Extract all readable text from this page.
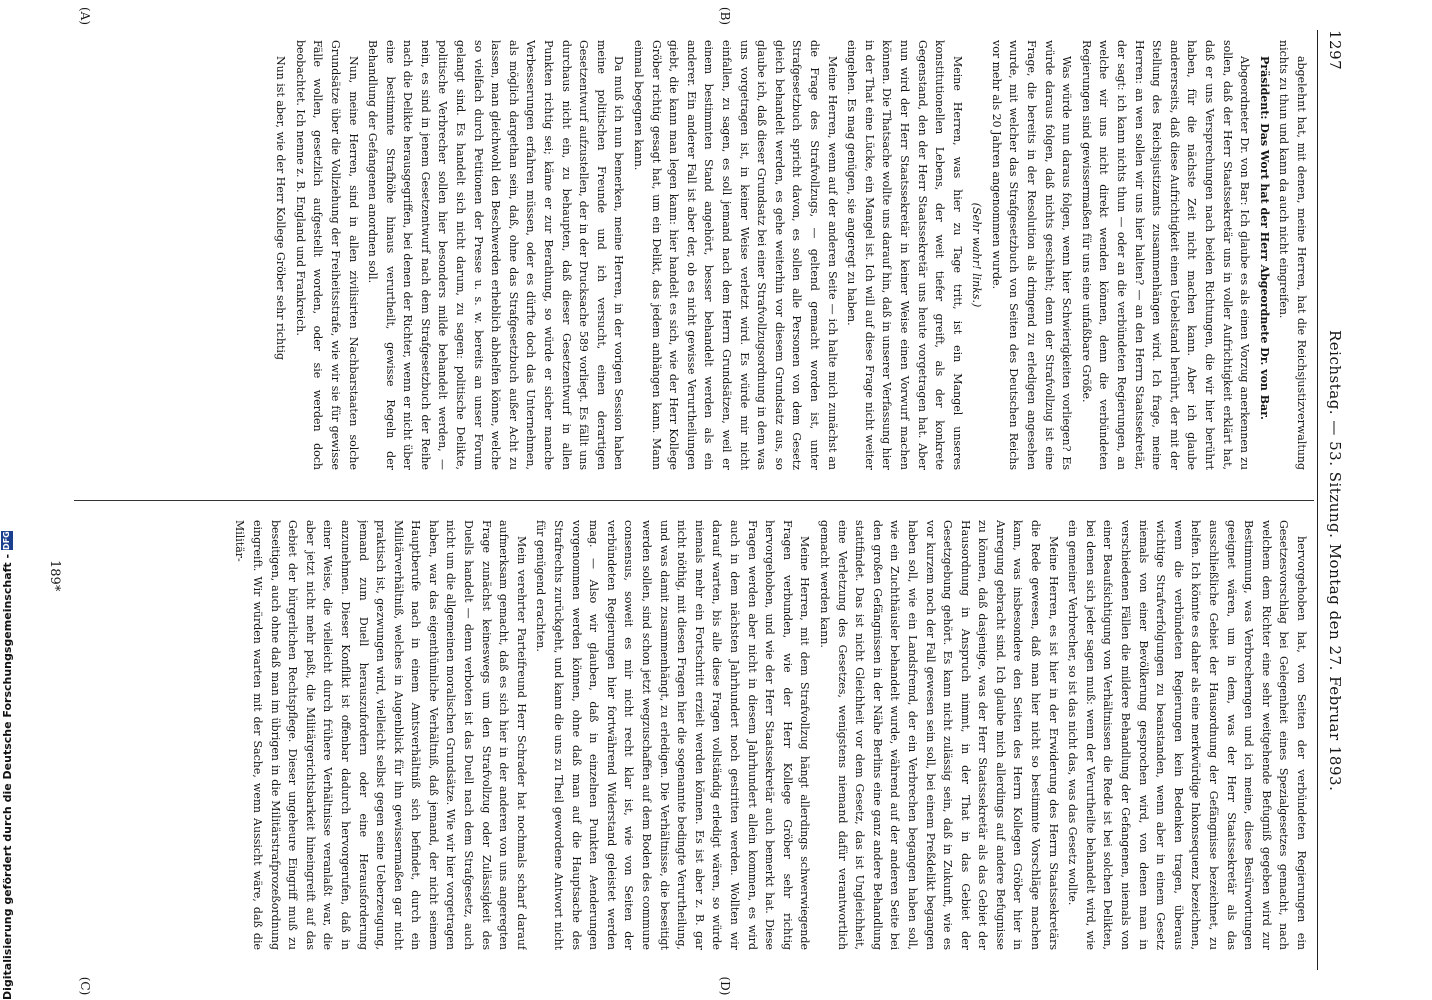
1297
Reichstag. — 53. Sitzung. Montag den 27. Februar 1893.
(A)	(B)
(C)	(D)

abgelehnt hat, mit denen, meine Herren, hat die Reichsjustizverwaltung nichts zu thun und kann da auch nicht eingreifen.

Präsident: Das Wort hat der Herr Abgeordnete Dr. von Bar.

Abgeordneter Dr. von Bar: Ich glaube es als einen Vorzug anerkennen zu sollen, daß der Herr Staatssekretär uns in voller Aufrichtigkeit erklärt hat, daß er uns Versprechungen nach beiden Richtungen, die wir hier berührt haben, für die nächste Zeit nicht machen kann. Aber ich glaube andererseits, daß diese Aufrichtigkeit einen Uebelstand herührt, der mit der Stellung des Reichsjustizamts zusammenhängen wird. Ich frage, meine Herren: an wen sollen wir uns hier halten? — an den Herrn Staatssekretär, der sagt: ich kann nichts thun — oder an die verbündeten Regierungen, an welche wir uns nicht direkt wenden können, denn die verbündeten Regierungen sind gewissermaßen für uns eine unfaßbare Größe.

Was würde nun daraus folgen, wenn hier Schwierigkeiten vorliegen? Es würde daraus folgen, daß nichts geschieht; denn der Strafvollzug ist eine Frage, die bereits in der Resolution als dringend zu erledigen angesehen wurde, mit welcher das Strafgesetzbuch von Seiten des Deutschen Reichs vor mehr als 20 Jahren angenommen wurde.

(Sehr wahr! links.)

Meine Herren, was hier zu Tage tritt, ist ein Mangel unseres konstitutionellen Lebens, der weit tiefer greift, als der konkrete Gegenstand, den der Herr Staatssekretär uns heute vorgetragen hat. Aber nun wird der Herr Staatssekretär in keiner Weise einen Vorwurf machen können. Die Thatsache wollte uns darauf hin, daß in unserer Verfassung hier in der That eine Lücke, ein Mangel ist. Ich will auf diese Frage nicht weiter eingehen. Es mag genügen, sie angeregt zu haben.

Meine Herren, wenn auf der anderen Seite — ich halte mich zunächst an die Frage des Strafvollzugs, — geltend gemacht worden ist, unter Strafgesetzbuch spricht davon, es sollen alle Personen von dem Gesetz gleich behandelt werden, es gehe weiterhin vor diesem Grundsatz aus, so glaube ich, daß dieser Grundsatz bei einer Strafvollzugsordnung in dem was uns vorgetragen ist, in keiner Weise verletzt wird. Es würde mir nicht einfallen, zu sagen, es soll jemand nach dem Herrn Grundsätzen, weil er einem bestimmten Stand angehört, besser behandelt werden als ein anderer. Ein anderer Fall ist aber der, ob es nicht gewisse Verurtheilungen giebt, die kann man legen kann: hier handelt es sich, wie der Herr Kollege Gröber richtig gesagt hat, um ein Delikt, das jedem anhängen kann. Mann einmal begegnen kann.

Da muß ich nun bemerken, meine Herren, in der vorigen Session haben meine politischen Freunde und ich versucht, einen derartigen Gesetzentwurf aufzustellen, der in der Drucksache 589 vorliegt. Es fällt uns durchaus nicht ein, zu behaupten, daß dieser Gesetzentwurf in allen Punkten richtig sei; käme er zur Berathung, so würde er sicher manche Verbesserungen erfahren müssen, oder es dürfte doch das Unternehmen, als möglich dargethan sein, daß, ohne das Strafgesetzbuch außer Acht zu lassen, man gleichwohl den Beschwerden erheblich abhelfen könne, welche so vielfach durch Petitionen der Presse u. s. w. bereits an unser Forum gelangt sind. Es handelt sich nicht darum, zu sagen: politische Delikte, politische Verbrecher sollen hier besonders milde behandelt werden, — nein, es sind in jenem Gesetzentwurf nach dem Strafgesetzbuch der Reihe nach die Delikte herausgegriffen, bei denen der Richter, wenn er nicht über eine bestimmte Strafhöhe hinaus verurtheilt, gewisse Regeln der Behandlung der Gefangenen anordnen soll.

Nun, meine Herren, sind in allen zivilisirten Nachbarstaaten solche Grundsätze über die Vollziehung der Freiheitsstrafe, wie wir sie für gewisse Fälle wollen, gesetzlich aufgestellt worden, oder sie werden doch beobachtet. Ich nenne z. B. England und Frankreich.

Nun ist aber, wie der Herr Kollege Gröber sehr richtig

hervorgehoben hat, von Seiten der verbündeten Regierungen ein Gesetzesvorschlag bei Gelegenheit eines Spezialgesetzes gemacht, nach welchem dem Richter eine sehr weitgehende Befugniß gegeben wird zur Bestimmung, was Verbrecherngen und ich meine, diese Besürwortungen geeignet wären, um in dem, was der Herr Staatssekretär als das ausschließliche Gebiet der Hausordnung der Gefängnisse bezeichnet, zu helfen. Ich könnte es daher als eine merkwürdige Inkonsequenz bezeichnen, wenn die verbündeten Regierungen kein Bedenken tragen, überaus wichtige Strafverfolgungen zu beanstanden, wenn aber in einem Gesetz niemals von einer Bevölkerung gesprochen wird, von denen man in verschiedenen Fällen die mildere Behandlung der Gefangenen, niemals von einer Beaufsichtigung von Verhältnissen die Rede ist bei solchen Delikten, bei denen sich jeder sagen muß: wenn der Verurtheilte behandelt wird, wie ein gemeiner Verbrecher, so ist das nicht das, was das Gesetz wollte.

Meine Herren, es ist hier in der Erwiderung des Herrn Staatssekretärs die Rede gewesen, daß man hier nicht so bestimmte Vorschläge machen kann, was insbesondere den Seiten des Herrn Kollegen Gröber hier in Anregung gebracht sind. Ich glaube mich allerdings auf andere Befugnisse zu können, daß dasjenige, was der Herr Staatssekretär als das Gebiet der Hausordnung in Anspruch nimmt, in der That in das Gebiet der Gesetzgebung gehört. Es kann nicht zulässig sein, daß in Zukunft, wie es vor kurzem noch der Fall gewesen sein soll, bei einem Preßdelikt begangen haben soll, wie ein Landsfremd, der ein Verbrechen begangen haben soll, wie ein Zuchthäusler behandelt wurde, während auf der anderen Seite bei den großen Gefängnissen in der Nähe Berlins eine ganz andere Behandlung stattfindet. Das ist nicht Gleichheit vor dem Gesetz, das ist Ungleichheit, eine Verletzung des Gesetzes, wenigstens niemand dafür verantwortlich gemacht werden kann.

Meine Herren, mit dem Strafvollzug hängt allerdings schwerwiegende Fragen verbunden, wie der Herr Kollege Gröber sehr richtig hervorgehoben, und wie der Herr Staatssekretär auch bemerkt hat. Diese Fragen werden aber nicht in diesem Jahrhundert allein kommen, es wird auch in dem nächsten Jahrhundert noch gestritten werden. Wollten wir darauf warten, bis alle diese Fragen vollständig erledigt wären, so würde niemals mehr ein Fortschritt erzielt werden können. Es ist aber z. B. gar nicht nöthig, mit diesen Fragen hier die sogenannte bedingte Verurtheilung, und was damit zusammenhängt, zu erledigen. Die Verhältnisse, die beseitigt werden sollen, sind schon jetzt wegzuschaffen auf dem Boden des commune consensus, soweit es mir nicht recht klar ist, wie von Seiten der verbündeten Regierungen hier fortwährend Widerstand geleistet werden mag. — Also wir glauben, daß in einzelnen Punkten Aenderungen vorgenommen werden können, ohne daß man auf die Hauptsache des Strafrechts zurückgeht, und kann die uns zu Theil gewordene Antwort nicht für genügend erachten.

Mein verehrter Parteifreund Herr Schrader hat nochmals scharf darauf aufmerksam gemacht, daß es sich hier in der anderen von uns angeregten Frage zunächst keineswegs um den Strafvollzug oder Zulässigkeit des Duells handelt — denn verboten ist das Duell nach dem Strafgesetz, auch nicht um die allgemeinen moralischen Grundsätze. Wie wir hier vorgetragen haben, war das eigenthümliche Verhältniß, daß jemand, der nicht seinem Hauptberufe nach in einem Amtsverhältniß sich befindet, durch ein Militärverhältniß, welches in Augenblick für ihn gewissermaßen gar nicht praktisch ist, gezwungen wird, vielleicht selbst gegen seine Ueberzeugung, jemand zum Duell herauszufordern oder eine Herausforderung anzunehmen. Dieser Konflikt ist offenbar dadurch hervorgerufen, daß in einer Weise, die vielleicht durch frühere Verhältnisse veranlaßt war, die aber jetzt nicht mehr paßt, die Militärgerichtsbarkeit hineingreift auf das Gebiet der bürgerlichen Rechtspflege. Dieser ungeheure Eingriff muß zu beseitigen, auch ohne daß man im übrigen in die Militärstrafprozeßordnung eingreift. Wir würden warten mit der Sache, wenn Aussicht wäre, daß die Militär-

189*
Digitalisierung gefördert durch die Deutsche Forschungsgemeinschaft -
DFG
